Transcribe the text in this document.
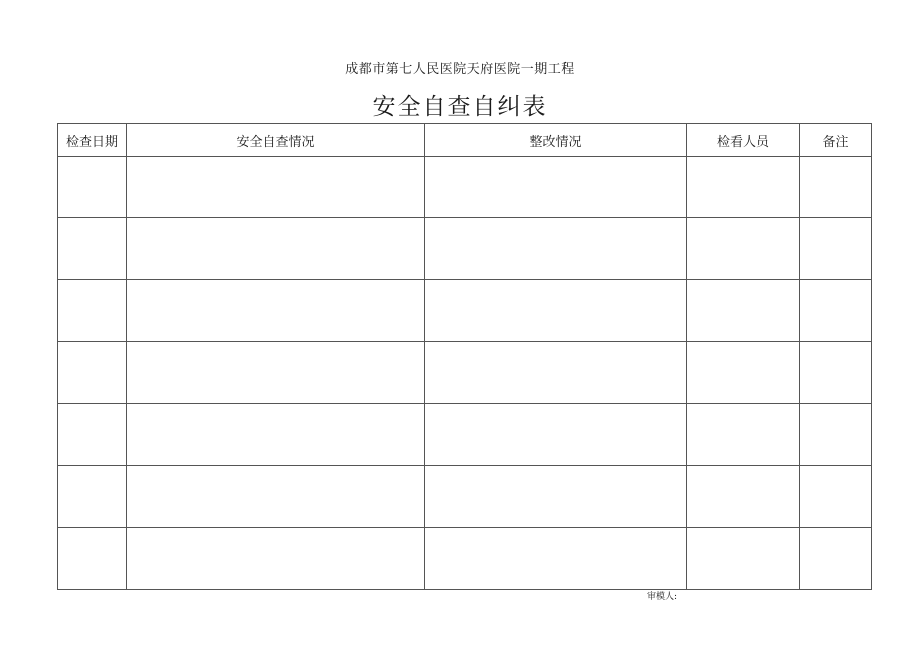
成都市第七人民医院天府医院一期工程
安全自查自纠表
检查日期	安全自查情况	整改情况	检看人员	备注

审模人:
